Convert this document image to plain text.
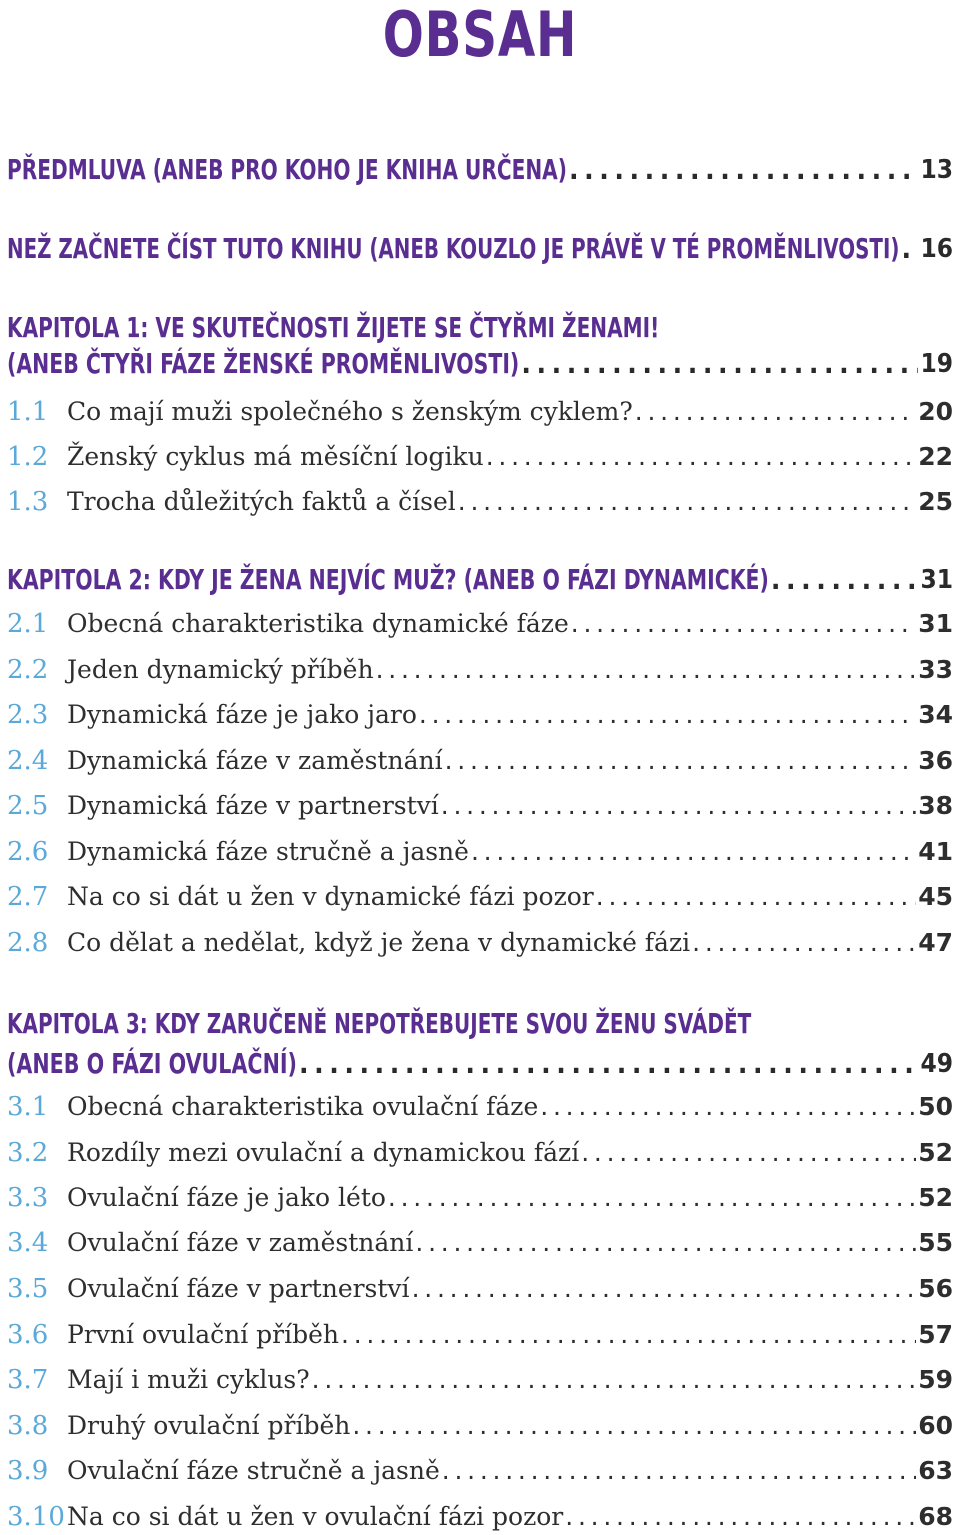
OBSAH
PŘEDMLUVA (ANEB PRO KOHO JE KNIHA URČENA) . . .	13
NEŽ ZAČNETE ČÍST TUTO KNIHU (ANEB KOUZLO JE PRÁVĚ V TÉ PROMĚNLIVOSTI) . . . 16
KAPITOLA 1: VE SKUTEČNOSTI ŽIJETE SE ČTYŘMI ŽENAMI!
(ANEB ČTYŘI FÁZE ŽENSKÉ PROMĚNLIVOSTI) . . .	19
1.1 Co mají muži společného s ženským cyklem? . . .	20
1.2 Ženský cyklus má měsíční logiku . . .	22
1.3 Trocha důležitých faktů a čísel . . .	25
KAPITOLA 2: KDY JE ŽENA NEJVÍC MUŽ? (ANEB O FÁZI DYNAMICKÉ) . . .	31
2.1 Obecná charakteristika dynamické fáze . . .	31
2.2 Jeden dynamický příběh . . .	33
2.3 Dynamická fáze je jako jaro . . .	34
2.4 Dynamická fáze v zaměstnání . . .	36
2.5 Dynamická fáze v partnerství . . .	38
2.6 Dynamická fáze stručně a jasně . . .	41
2.7 Na co si dát u žen v dynamické fázi pozor . . .	45
2.8 Co dělat a nedělat, když je žena v dynamické fázi . . .	47
KAPITOLA 3: KDY ZARUČENĚ NEPOTŘEBUJETE SVOU ŽENU SVÁDĚT
(ANEB O FÁZI OVULAČNÍ) . . .	49
3.1 Obecná charakteristika ovulační fáze . . .	50
3.2 Rozdíly mezi ovulační a dynamickou fází . . .	52
3.3 Ovulační fáze je jako léto . . .	52
3.4 Ovulační fáze v zaměstnání . . .	55
3.5 Ovulační fáze v partnerství . . .	56
3.6 První ovulační příběh . . .	57
3.7 Mají i muži cyklus? . . .	59
3.8 Druhý ovulační příběh . . .	60
3.9 Ovulační fáze stručně a jasně . . .	63
3.10 Na co si dát u žen v ovulační fázi pozor . . .	68
